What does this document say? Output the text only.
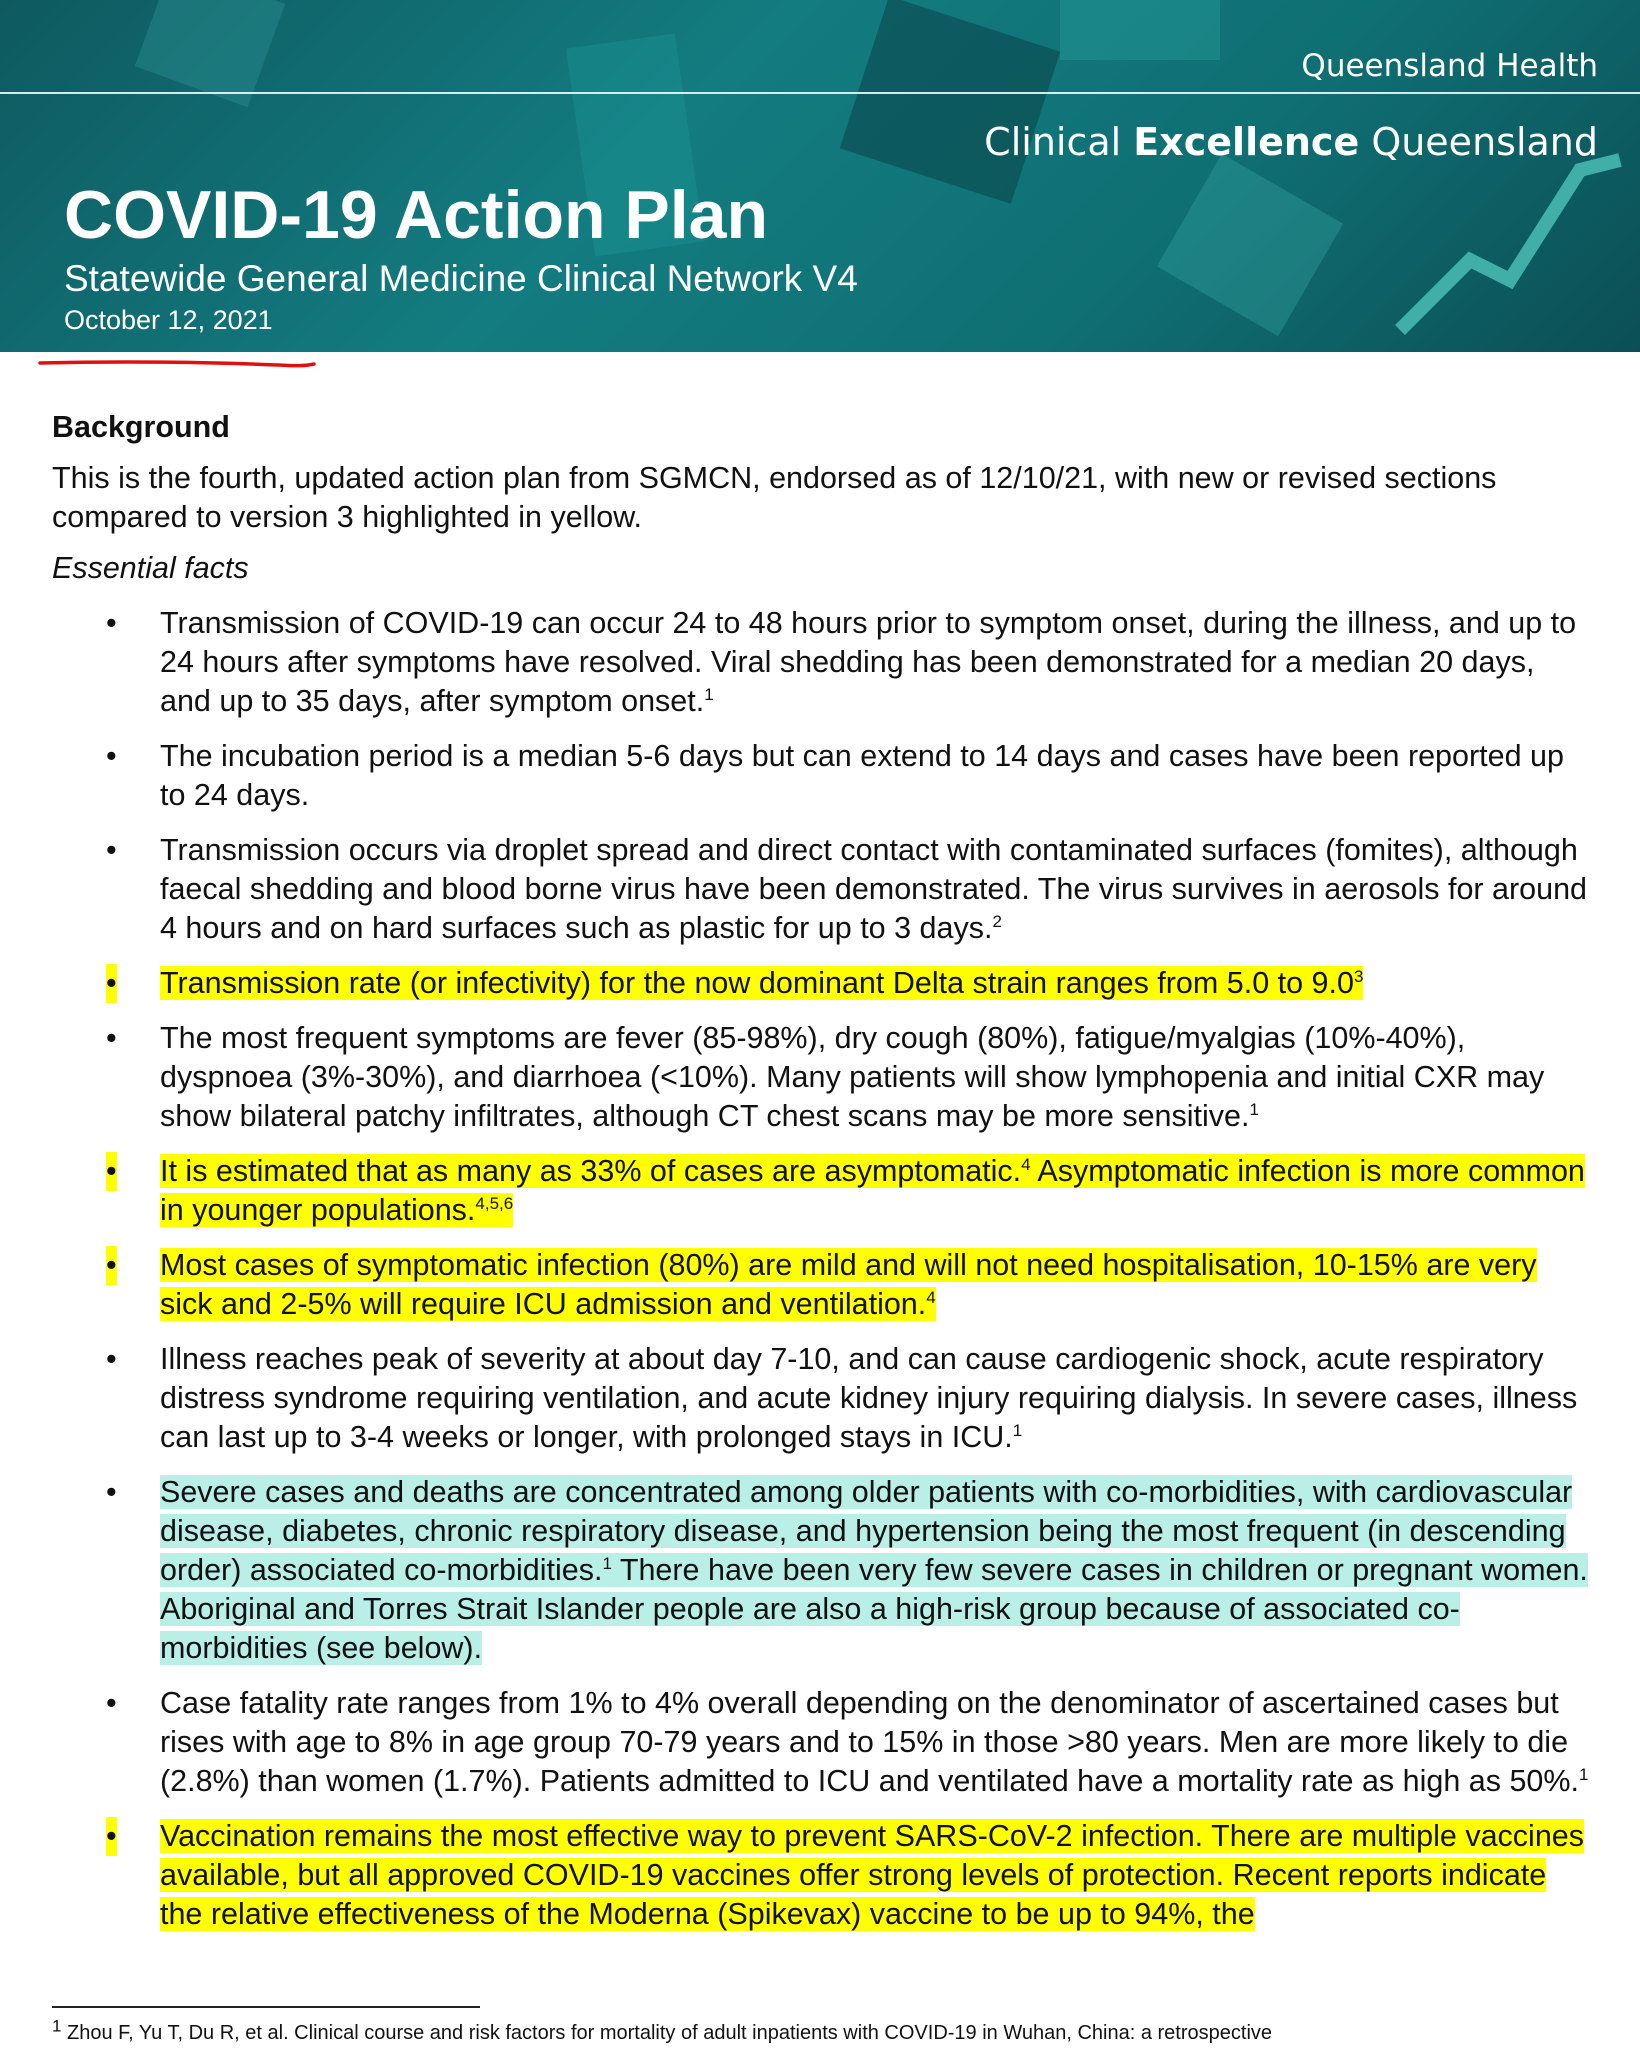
Queensland Health
Clinical Excellence Queensland
COVID-19 Action Plan
Statewide General Medicine Clinical Network V4
October 12, 2021
Background

This is the fourth, updated action plan from SGMCN, endorsed as of 12/10/21, with new or revised sections compared to version 3 highlighted in yellow.

Essential facts

• Transmission of COVID-19 can occur 24 to 48 hours prior to symptom onset, during the illness, and up to 24 hours after symptoms have resolved. Viral shedding has been demonstrated for a median 20 days, and up to 35 days, after symptom onset.$^1$
• The incubation period is a median 5-6 days but can extend to 14 days and cases have been reported up to 24 days.
• Transmission occurs via droplet spread and direct contact with contaminated surfaces (fomites), although faecal shedding and blood borne virus have been demonstrated. The virus survives in aerosols for around 4 hours and on hard surfaces such as plastic for up to 3 days.$^2$
• Transmission rate (or infectivity) for the now dominant Delta strain ranges from 5.0 to $9.0^3$
• The most frequent symptoms are fever (85-98%), dry cough (80%), fatigue/myalgias (10%-40%), dyspnoea (3%-30%), and diarrhoea (<10%). Many patients will show lymphopenia and initial CXR may show bilateral patchy infiltrates, although CT chest scans may be more sensitive.$^1$
• It is estimated that as many as 33% of cases are asymptomatic.$^4$ Asymptomatic infection is more common in younger populations.$^{4,5,6}$
• Most cases of symptomatic infection (80%) are mild and will not need hospitalisation, 10-15% are very sick and 2-5% will require ICU admission and ventilation.$^4$
• Illness reaches peak of severity at about day 7-10, and can cause cardiogenic shock, acute respiratory distress syndrome requiring ventilation, and acute kidney injury requiring dialysis. In severe cases, illness can last up to 3-4 weeks or longer, with prolonged stays in ICU.$^1$
• Severe cases and deaths are concentrated among older patients with co-morbidities, with cardiovascular disease, diabetes, chronic respiratory disease, and hypertension being the most frequent (in descending order) associated co-morbidities.$^1$ There have been very few severe cases in children or pregnant women. Aboriginal and Torres Strait Islander people are also a high-risk group because of associated co-morbidities (see below).
• Case fatality rate ranges from 1% to 4% overall depending on the denominator of ascertained cases but rises with age to 8% in age group 70-79 years and to 15% in those >80 years. Men are more likely to die (2.8%) than women (1.7%). Patients admitted to ICU and ventilated have a mortality rate as high as 50%.$^1$
• Vaccination remains the most effective way to prevent SARS-CoV-2 infection. There are multiple vaccines available, but all approved COVID-19 vaccines offer strong levels of protection. Recent reports indicate the relative effectiveness of the Moderna (Spikevax) vaccine to be up to 94%, the
$^1$ Zhou F, Yu T, Du R, et al. Clinical course and risk factors for mortality of adult inpatients with COVID-19 in Wuhan, China: a retrospective
